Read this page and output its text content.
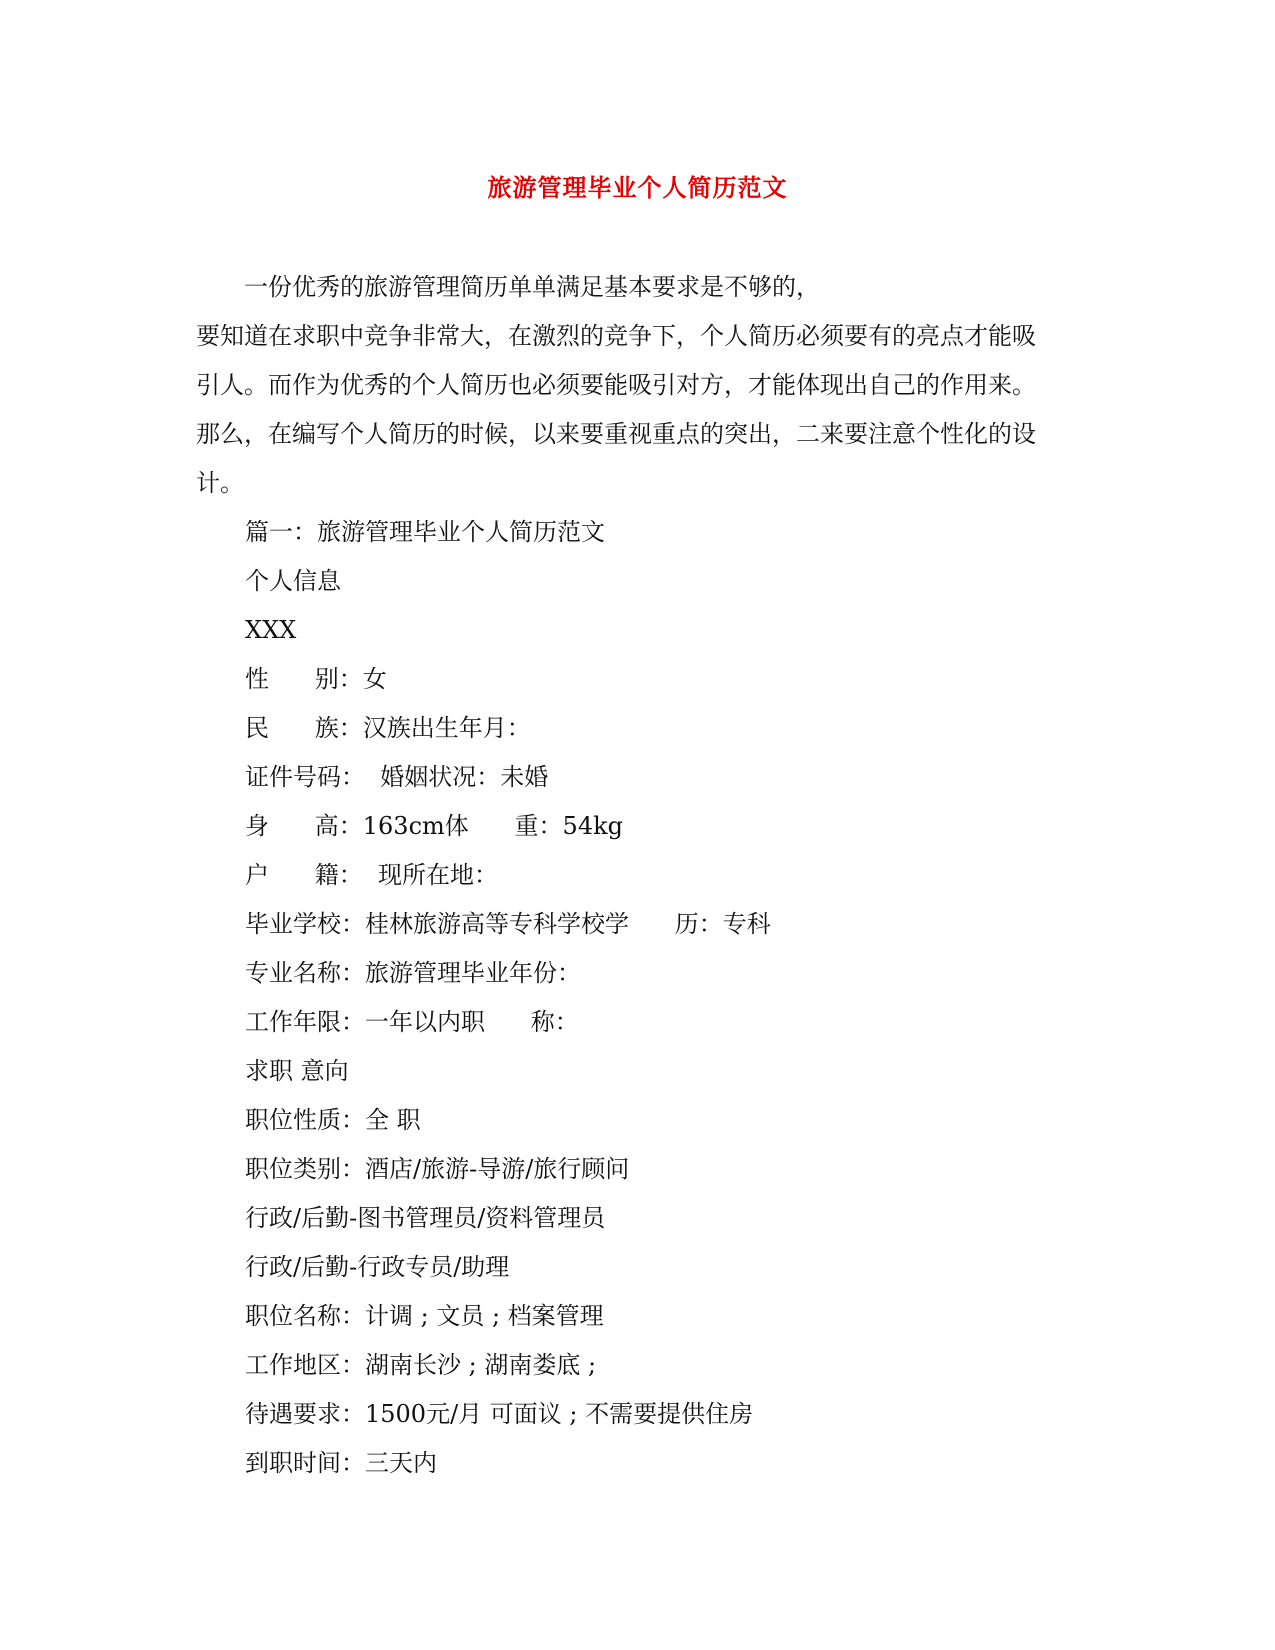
旅游管理毕业个人简历范文

一份优秀的旅游管理简历单单满足基本要求是不够的，

要知道在求职中竞争非常大，在激烈的竞争下，个人简历必须要有的亮点才能吸

引人。而作为优秀的个人简历也必须要能吸引对方，才能体现出自己的作用来。

那么，在编写个人简历的时候，以来要重视重点的突出，二来要注意个性化的设

计。

篇一：旅游管理毕业个人简历范文
个人信息
XXX
性      别：女
民      族：汉族出生年月：
证件号码：  婚姻状况：未婚
身      高：163cm体      重：54kg
户      籍：  现所在地：
毕业学校：桂林旅游高等专科学校学      历：专科
专业名称：旅游管理毕业年份：
工作年限：一年以内职      称：
求职 意向
职位性质：全 职
职位类别：酒店/旅游-导游/旅行顾问
行政/后勤-图书管理员/资料管理员
行政/后勤-行政专员/助理
职位名称：计调 ; 文员 ; 档案管理
工作地区：湖南长沙 ; 湖南娄底 ;
待遇要求：1500元/月 可面议 ; 不需要提供住房
到职时间：三天内
